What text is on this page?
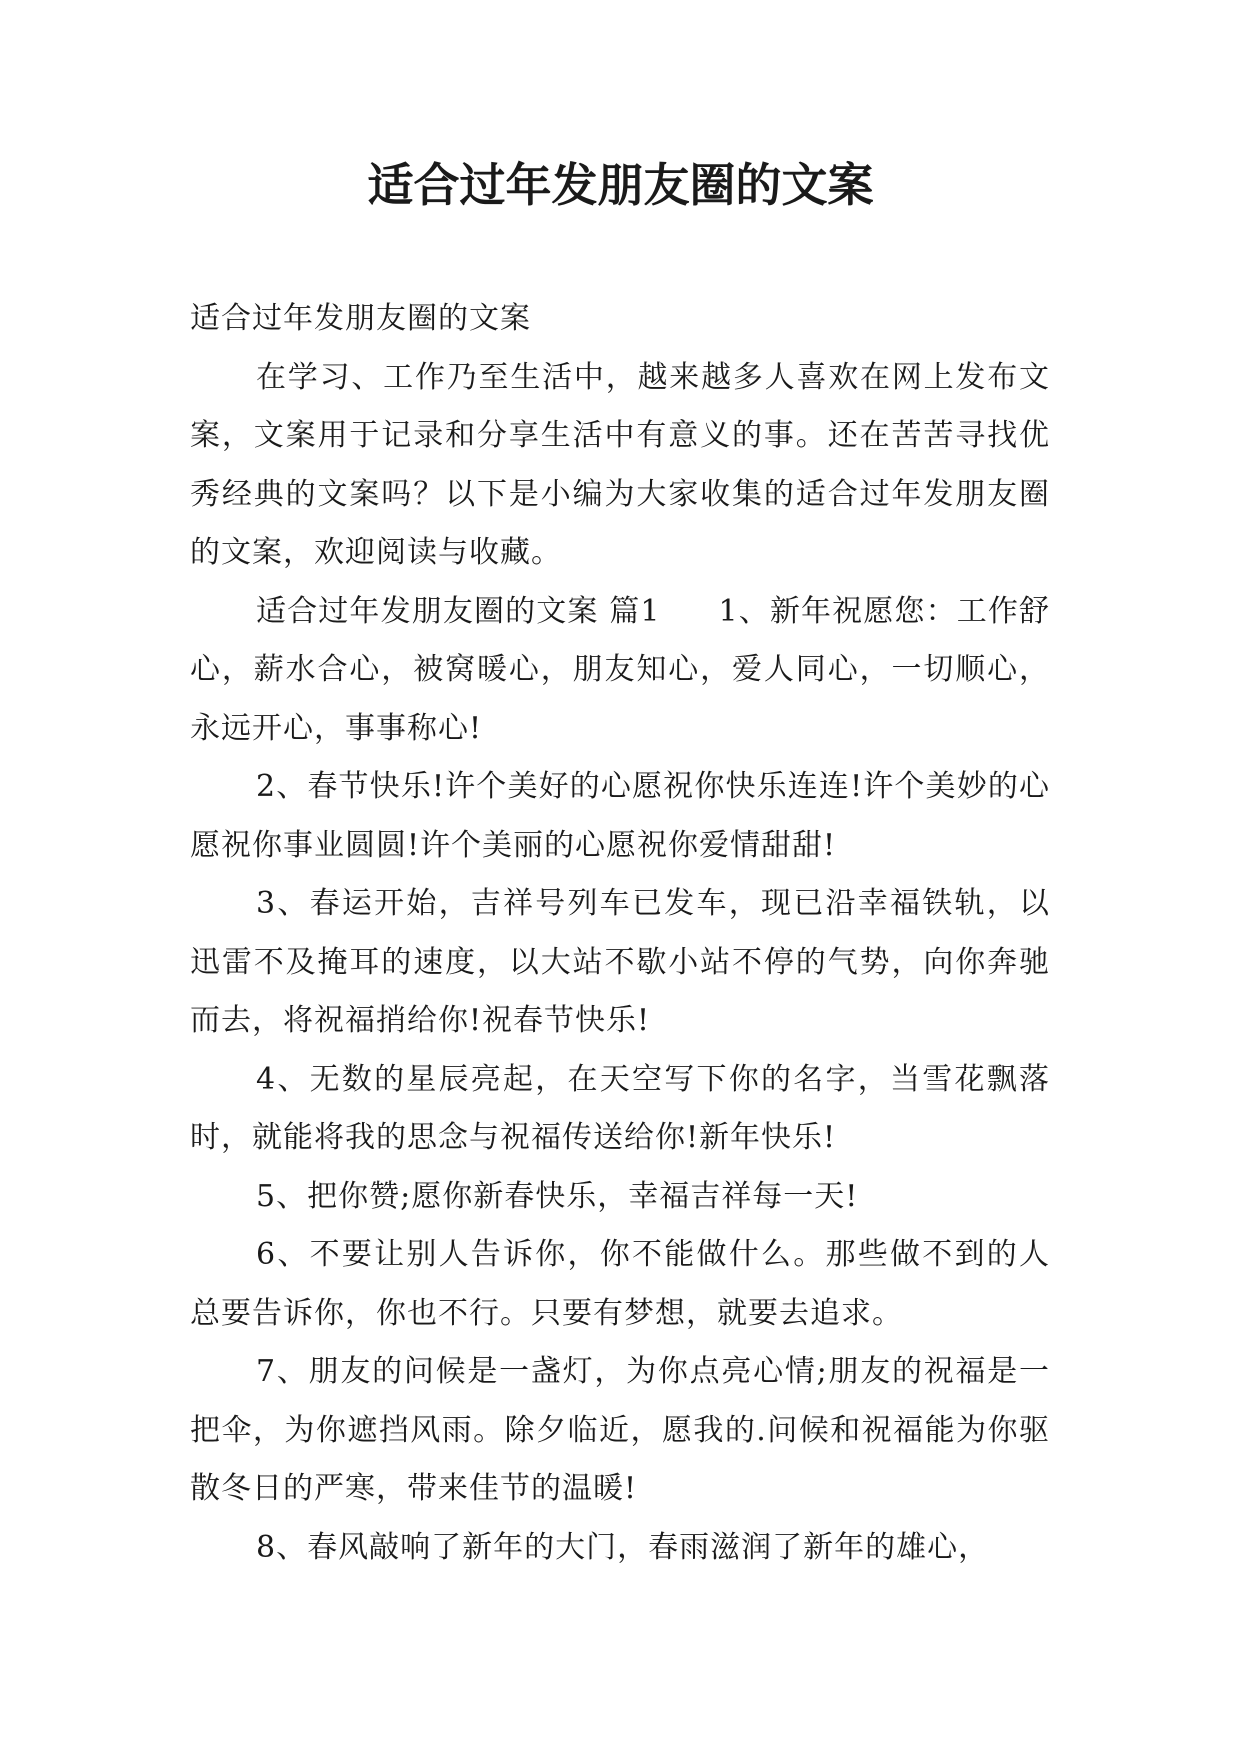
适合过年发朋友圈的文案

适合过年发朋友圈的文案

在学习、工作乃至生活中，越来越多人喜欢在网上发布文案，文案用于记录和分享生活中有意义的事。还在苦苦寻找优秀经典的文案吗？以下是小编为大家收集的适合过年发朋友圈的文案，欢迎阅读与收藏。

适合过年发朋友圈的文案 篇1 1、新年祝愿您：工作舒心，薪水合心，被窝暖心，朋友知心，爱人同心，一切顺心，永远开心，事事称心!

2、春节快乐!许个美好的心愿祝你快乐连连!许个美妙的心愿祝你事业圆圆!许个美丽的心愿祝你爱情甜甜!

3、春运开始，吉祥号列车已发车，现已沿幸福铁轨，以迅雷不及掩耳的速度，以大站不歇小站不停的气势，向你奔驰而去，将祝福捎给你!祝春节快乐!

4、无数的星辰亮起，在天空写下你的名字，当雪花飘落时，就能将我的思念与祝福传送给你!新年快乐!

5、把你赞;愿你新春快乐，幸福吉祥每一天!

6、不要让别人告诉你，你不能做什么。那些做不到的人总要告诉你，你也不行。只要有梦想，就要去追求。

7、朋友的问候是一盏灯，为你点亮心情;朋友的祝福是一把伞，为你遮挡风雨。除夕临近，愿我的.问候和祝福能为你驱散冬日的严寒，带来佳节的温暖!

8、春风敲响了新年的大门，春雨滋润了新年的雄心，
